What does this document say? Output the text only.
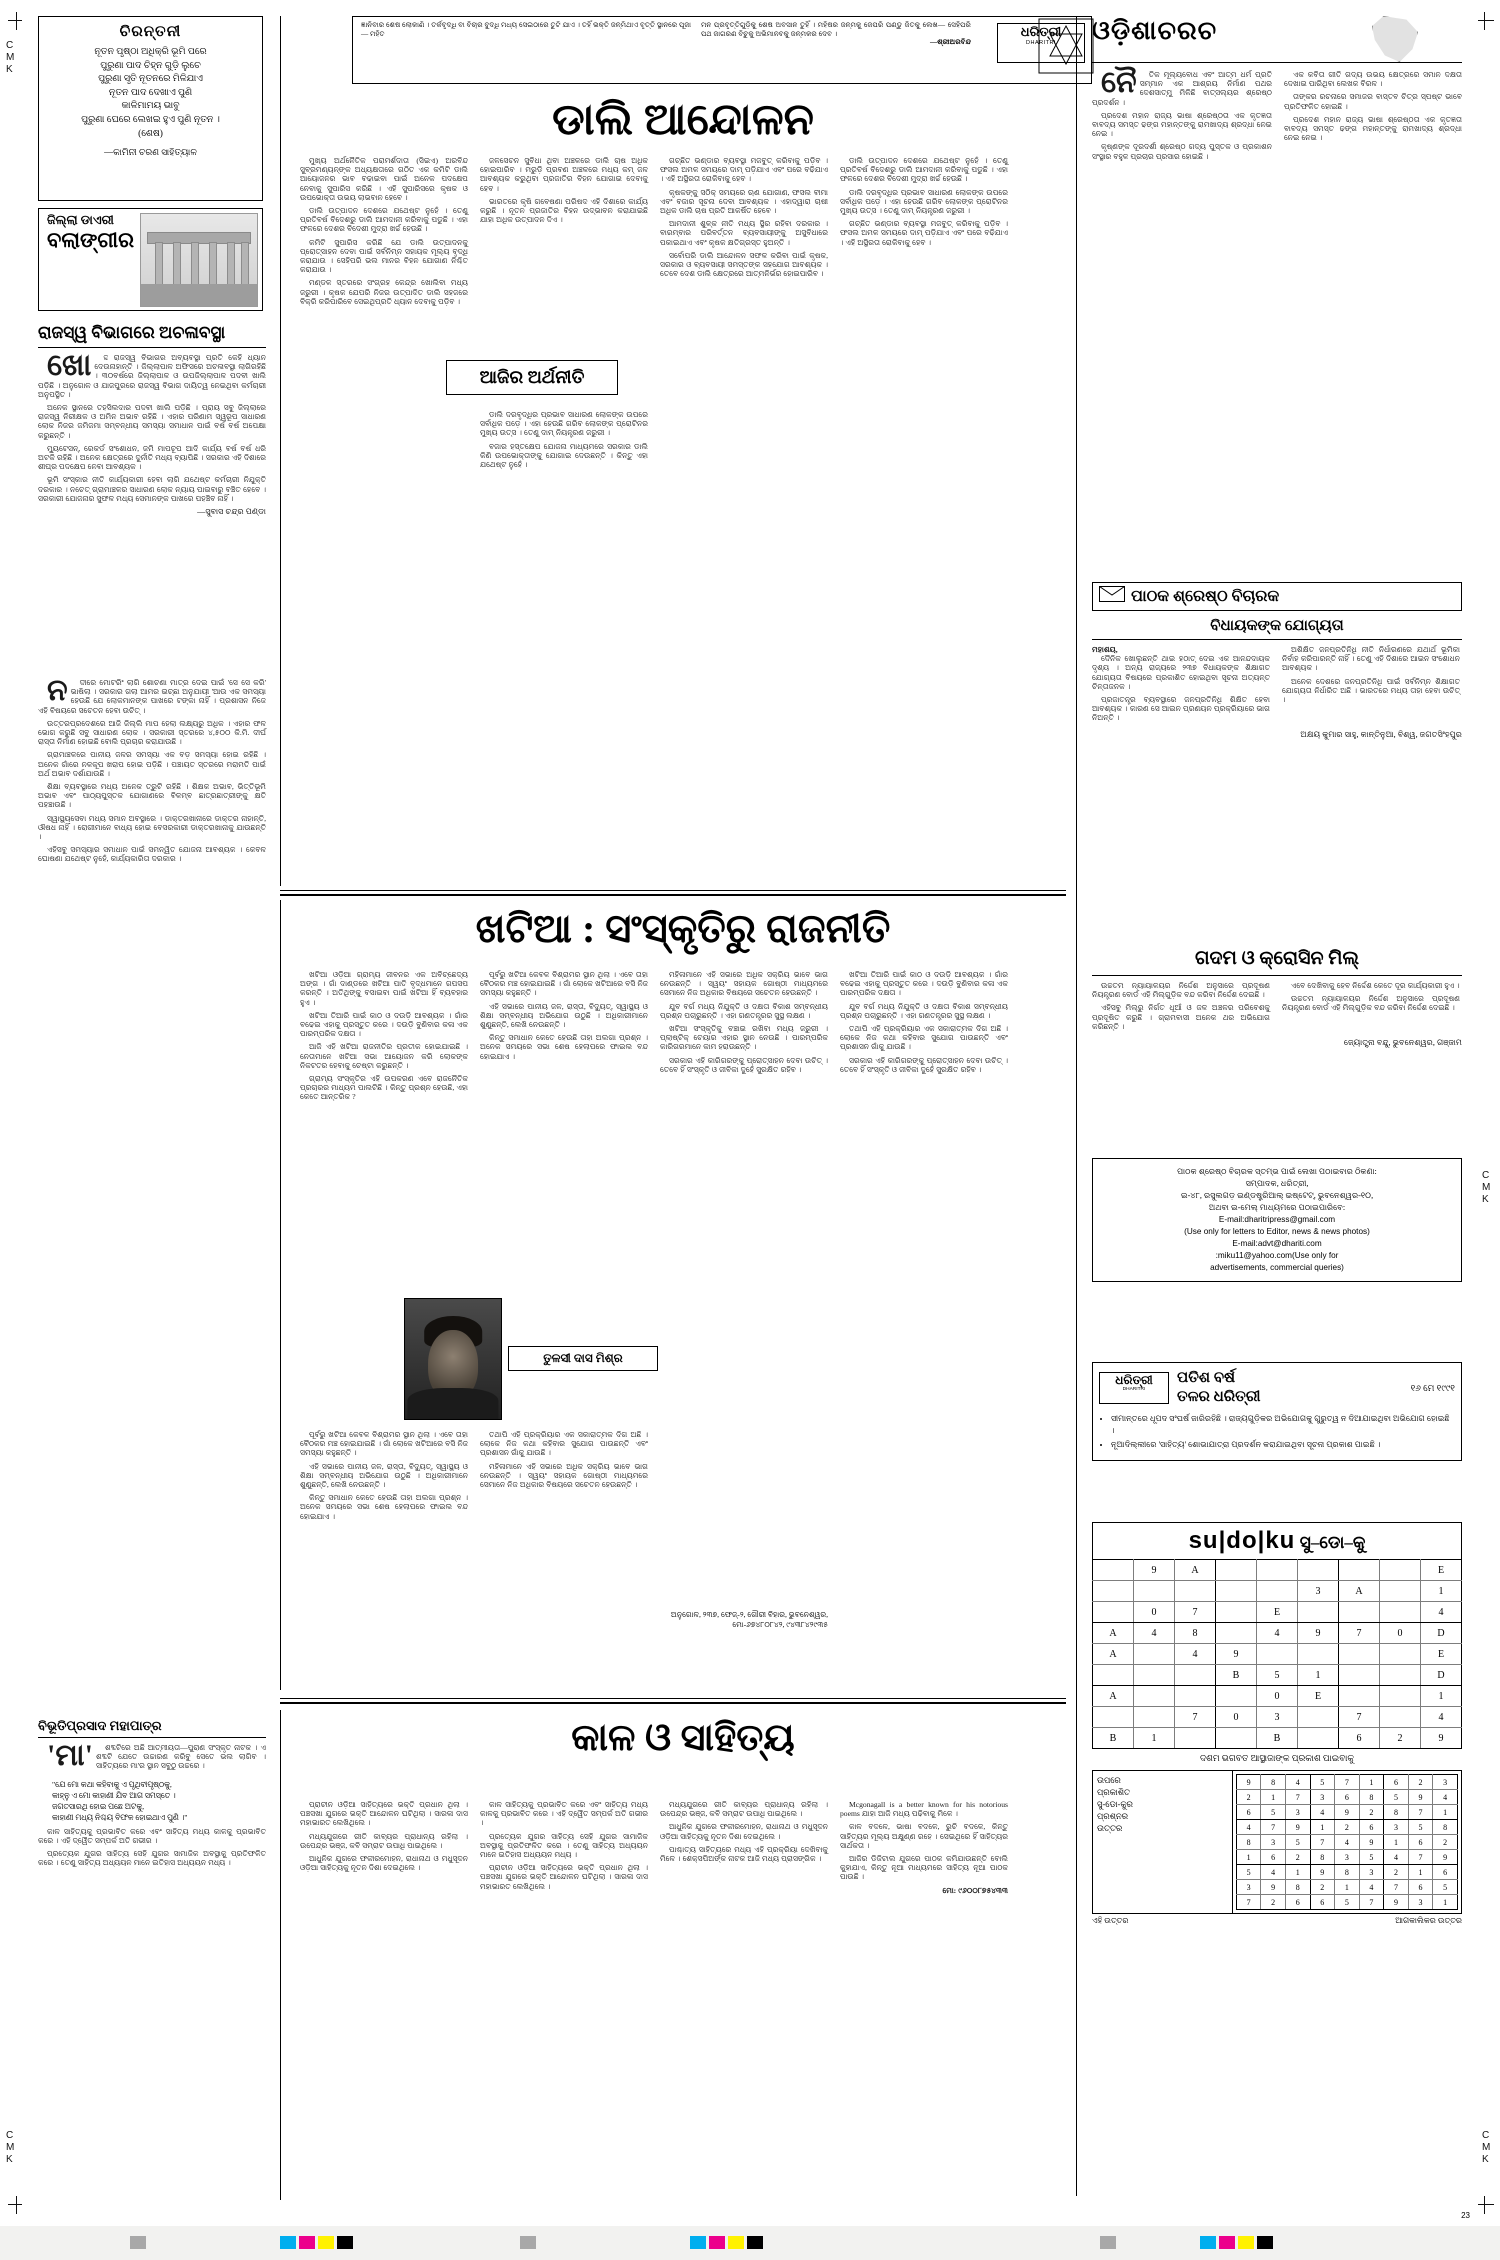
C
M
K
C
M
K
C
M
K
C
M
K
ଜ୍ଞାନିବାର ଶେଷ ଲୋକାଣି । ତର୍କବୃଦ୍ଧି ବା ବିଚାର ବୁଦ୍ଧି ମଧ୍ୟ ସେଇଠାରେ ତୁଟି ଯାଏ । ତହିଁ ଭକ୍ତି ଜନ୍ମିଥାଏ ବୃତ୍ତି ସ୍ଥାନରେ ପୂଜା— ମହିତ
ମନ ପ୍ରବୃତ୍ତିଗୁଡ଼ିକୁ ଶେଷ ଅବସାନ ତୁହିଁ । ମହିଷର ଜନ୍ମକୁ ଜେପରି ପଣ୍ଡୁ ଜିତକୁ ଲେଖ— ସେହିପରି ପଥ ଜାଗରଣ ବିଚୁକୁ ଅଭିମାନବକୁ ଜନ୍ମକର ଦେବ ।
—ଶ୍ରୀଅରବିନ୍ଦ
ଧରିତ୍ରୀ
DHARITRI
ଚିରନ୍ତନୀ
ନୂତନ ପୃଷ୍ଠା ଅଧିକ୍ରି ଭୂମି ପରେ
ପୁରୁଣା ପାଦ ଚିହ୍ନ ଗୁଡ଼ି ଲୁଚେ
ପୁରୁଣା ସୃତି ନୂତନରେ ମିଳିଯାଏ
ନୂତନ ପାଦ ଦେଖାଏ ପୁଣି
କାଳିମାମୟ ଭାବୁ
ପୁରୁଣା ଘେରେ ଲେଖ‌ଇ ହୁଏ ପୁଣି ନୂତନ ।
(ଶେଷ)
—କାମିନୀ ଚରଣ ସାହିତ୍ୟାଳ
ଜିଲ୍ଲା ଡାଏରୀ
ବଲାଙ୍ଗୀର
ରାଜସ୍ୱ ବିଭାଗରେ ଅଚଳାବସ୍ଥା

ଖୋଦ୍ଦ ରାଜସ୍ୱ ବିଭାଗର ଅବ୍ୟବସ୍ଥା ପ୍ରତି କେହି ଧ୍ୟାନ ଦେଉନାହାନ୍ତି । ଜିଲ୍ଲାପାଳ ଅଫିସରେ ଅଚଳାବସ୍ଥା ଲାଗିରହିଛି । ୩୦ବର୍ଷରେ ଜିଲ୍ଲାପାଳ ଓ ଉପଜିଲ୍ଲାପାଳ ପଦବୀ ଖାଲି ପଡ଼ିଛି । ଅନୁଗୋଳ ଓ ଯାଜପୁରରେ ରାଜସ୍ୱ ବିଭାଗ ଦାୟିତ୍ୱ ନେଇଥିବା କର୍ମଚାରୀ ଅନୁପସ୍ଥିତ ।

ଅନେକ ସ୍ଥାନରେ ତହସିଲଦାର ପଦବୀ ଖାଲି ପଡ଼ିଛି । ପ୍ରାୟ ସବୁ ଜିଲ୍ଲାରେ ରାଜସ୍ୱ ନିରୀକ୍ଷକ ଓ ଅମିନ ଅଭାବ ରହିଛି । ଏହାର ପରିଣାମ ସ୍ୱରୂପ ସାଧାରଣ ଲୋକ ନିଜର ଜମିଜମା ସମ୍ବନ୍ଧୀୟ ସମସ୍ୟା ସମାଧାନ ପାଇଁ ବର୍ଷ ବର୍ଷ ଅପେକ୍ଷା କରୁଛନ୍ତି ।

ମ୍ୟୁଟେସନ୍, ରେକର୍ଡ ସଂଶୋଧନ, ଜମି ମାପଚୂପ ଆଦି କାର୍ଯ୍ୟ ବର୍ଷ ବର୍ଷ ଧରି ଅଟକି ରହିଛି । ଅନେକ କ୍ଷେତ୍ରରେ ଦୁର୍ନୀତି ମଧ୍ୟ ବ୍ୟାପିଛି । ସରକାର ଏହି ଦିଶାରେ ଶୀଘ୍ର ପଦକ୍ଷେପ ନେବା ଆବଶ୍ୟକ ।

ଭୂମି ସଂସ୍କାର ନୀତି କାର୍ଯ୍ୟକାରୀ ହେବା ଲାଗି ଯଥେଷ୍ଟ କର୍ମଚାରୀ ନିଯୁକ୍ତି ଦରକାର । ନଚେତ୍ ଗ୍ରାମାଞ୍ଚଳର ସାଧାରଣ ଲୋକ ନ୍ୟାୟ ପାଇବାରୁ ବଞ୍ଚିତ ହେବେ । ସରକାରୀ ଯୋଜନାର ସୁଫଳ ମଧ୍ୟ ସେମାନଙ୍କ ପାଖରେ ପହଞ୍ଚିବ ନାହିଁ ।

—ସୁବାସ ଚନ୍ଦ୍ର ପଣ୍ଡା

ନଦୀରେ ମୋଟରିଂ ଲାଗି ଶୋଚଣା ମାତ୍ର ଦେଇ ପାଇଁ 'ସେ ସେ କରି' ଭାଷିଲା । ସରକାର ଗଲା ଆମର ଇଚ୍ଛା ଅନୁଯାୟୀ 'ଆଉ ଏକ ସମସ୍ୟା ହେଉଛି ଯେ ଲୋକମାନଙ୍କ ପାଖରେ ଟଙ୍କା ନାହିଁ । ପ୍ରଶାସନ ନିଜେ ଏହି ବିଷୟରେ ସଚେତନ ହେବା ଉଚିତ୍ ।

ଉତ୍ତରପ୍ରଦେଶରେ ଆଜି ଜିଲ୍ଲି ମାପ ହେଲା ଲକ୍ଷ୍ୟରୁ ଅଧିକ । ଏହାର ଫଳ ଭୋଗ କରୁଛି ସବୁ ସାଧାରଣ ଲୋକ । ସରକାରୀ ସ୍ତରରେ ୪,୫୦୦ କି.ମି. ଦୀର୍ଘ ରାସ୍ତା ନିର୍ମାଣ ହୋଇଛି ବୋଲି ପ୍ରଚାର କରାଯାଉଛି ।

ଗ୍ରାମାଞ୍ଚଳରେ ପାନୀୟ ଜଳର ସମସ୍ୟା ଏକ ବଡ଼ ସମସ୍ୟା ହୋଇ ରହିଛି । ଅନେକ ଗାଁରେ ନଳକୂପ ଖରାପ ହୋଇ ପଡ଼ିଛି । ପଞ୍ଚାୟତ ସ୍ତରରେ ମରାମତି ପାଇଁ ଅର୍ଥ ଅଭାବ ଦର୍ଶାଯାଉଛି ।

ଶିକ୍ଷା ବ୍ୟବସ୍ଥାରେ ମଧ୍ୟ ଅନେକ ତ୍ରୁଟି ରହିଛି । ଶିକ୍ଷକ ଅଭାବ, ଭିତ୍ତିଭୂମି ଅଭାବ ଏବଂ ପାଠ୍ୟପୁସ୍ତକ ଯୋଗାଣରେ ବିଳମ୍ବ ଛାତ୍ରଛାତ୍ରୀଙ୍କୁ କ୍ଷତି ପହଞ୍ଚାଉଛି ।

ସ୍ୱାସ୍ଥ୍ୟସେବା ମଧ୍ୟ ସମାନ ଅବସ୍ଥାରେ । ଡାକ୍ତରଖାନାରେ ଡାକ୍ତର ନାହାନ୍ତି, ଔଷଧ ନାହିଁ । ରୋଗୀମାନେ ବାଧ୍ୟ ହୋଇ ବେସରକାରୀ ଡାକ୍ତରଖାନାକୁ ଯାଉଛନ୍ତି ।

ଏହିସବୁ ସମସ୍ୟାର ସମାଧାନ ପାଇଁ ସମନ୍ୱିତ ଯୋଜନା ଆବଶ୍ୟକ । କେବଳ ଘୋଷଣା ଯଥେଷ୍ଟ ନୁହେଁ, କାର୍ଯ୍ୟକାରିତା ଦରକାର ।

ବିଭୂତିପ୍ରସାଦ ମହାପାତ୍ର

'ମା'ଶବ୍ଦଟିରେ ଅଛି ଆତ୍ମୀୟତା—ପୁରାଣ ସଂସ୍କୃତ ନାଟକ । ଏ ଶବ୍ଦଟି ଯେତେ ଉଚ୍ଚାରଣ କରିବୁ ସେତେ ଭଲ ଲାଗିବ । ସାହିତ୍ୟରେ ମା'ର ସ୍ଥାନ ସବୁଠୁ ଉଚ୍ଚରେ ।

"ଯେ ମୋ କଥା କହିବାକୁ ଏ ପୃଥିବୀପୃଷ୍ଠକୁ,
କାହ୍ନୁ ଏ ମୋ କାହାଣୀ ଯିବ ଆଗ ସମସ୍ତେ ।
ଜଗତସାରଥି ହୋଇ ପଛେ ଅଟକୁ,
କାହାଣୀ ମଧ୍ୟ ନିଶ୍ଚୟ ବିଫଳ ହୋଇଥାଏ ପୁଣି ।"

କାଳ ସାହିତ୍ୟକୁ ପ୍ରଭାବିତ କରେ ଏବଂ ସାହିତ୍ୟ ମଧ୍ୟ କାଳକୁ ପ୍ରଭାବିତ କରେ । ଏହି ଦ୍ୱୈତ ସମ୍ପର୍କ ଅତି ଗଭୀର ।

ପ୍ରତ୍ୟେକ ଯୁଗର ସାହିତ୍ୟ ସେହି ଯୁଗର ସାମାଜିକ ଅବସ୍ଥାକୁ ପ୍ରତିଫଳିତ କରେ । ତେଣୁ ସାହିତ୍ୟ ଅଧ୍ୟୟନ ମାନେ ଇତିହାସ ଅଧ୍ୟୟନ ମଧ୍ୟ ।

ଡାଲି ଆନ୍ଦୋଳନ
ଆଜିର ଅର୍ଥନୀତି

ମୁଖ୍ୟ ଅର୍ଥନୈତିକ ପରାମର୍ଶଦାତା (ସିଇଏ) ଅରବିନ୍ଦ ସୁବ୍ରମଣ୍ୟନ୍ଙ୍କ ଅଧ୍ୟକ୍ଷତାରେ ଗଠିତ ଏକ କମିଟି ଡାଲି ଆୟୋଜନର ଭାବ ବଢାଇବା ପାଇଁ ଅନେକ ପଦକ୍ଷେପ ନେବାକୁ ସୁପାରିସ କରିଛି । ଏହି ସୁପାରିସରେ କୃଷକ ଓ ଉପଭୋକ୍ତା ଉଭୟ ଲାଭବାନ ହେବେ ।

ଡାଲି ଉତ୍ପାଦନ ଦେଶରେ ଯଥେଷ୍ଟ ନୁହେଁ । ତେଣୁ ପ୍ରତିବର୍ଷ ବିଦେଶରୁ ଡାଲି ଆମଦାନୀ କରିବାକୁ ପଡୁଛି । ଏହା ଫଳରେ ଦେଶର ବିଦେଶୀ ମୁଦ୍ରା ଖର୍ଚ୍ଚ ହେଉଛି ।

କମିଟି ସୁପାରିସ କରିଛି ଯେ ଡାଲି ଉତ୍ପାଦନକୁ ପ୍ରୋତ୍ସାହନ ଦେବା ପାଇଁ ସର୍ବନିମ୍ନ ସହାୟକ ମୂଲ୍ୟ ବୃଦ୍ଧି କରାଯାଉ । ସେହିପରି ଭଲ ମାନର ବିହନ ଯୋଗାଣ ନିଶ୍ଚିତ କରାଯାଉ ।

ମଣ୍ଡଳ ସ୍ତରରେ ସଂଗ୍ରହ କେନ୍ଦ୍ର ଖୋଲିବା ମଧ୍ୟ ଜରୁରୀ । କୃଷକ ଯେପରି ନିଜର ଉତ୍ପାଦିତ ଡାଲି ସହଜରେ ବିକ୍ରି କରିପାରିବେ ସେଇଥିପ୍ରତି ଧ୍ୟାନ ଦେବାକୁ ପଡ଼ିବ ।

ଜଳସେଚନ ସୁବିଧା ଥିବା ଅଞ୍ଚଳରେ ଡାଲି ଚାଷ ଅଧିକ ହୋଇପାରିବ । ମରୁଡ଼ି ପ୍ରବଣ ଅଞ୍ଚଳରେ ମଧ୍ୟ କମ୍ ଜଳ ଆବଶ୍ୟକ କରୁଥିବା ପ୍ରଜାତିର ବିହନ ଯୋଗାଇ ଦେବାକୁ ହେବ ।

ଭାରତରେ କୃଷି ଗବେଷଣା ପରିଷଦ ଏହି ଦିଶାରେ କାର୍ଯ୍ୟ କରୁଛି । ନୂତନ ପ୍ରଜାତିର ବିହନ ଉଦ୍ଭାବନ କରାଯାଇଛି ଯାହା ଅଧିକ ଉତ୍ପାଦନ ଦିଏ ।

ଡାଲି ଦରବୃଦ୍ଧିର ପ୍ରଭାବ ସାଧାରଣ ଲୋକଙ୍କ ଉପରେ ସର୍ବାଧିକ ପଡ଼େ । ଏହା ହେଉଛି ଗରିବ ଲୋକଙ୍କ ପ୍ରୋଟିନର ମୁଖ୍ୟ ଉତ୍ସ । ତେଣୁ ଦାମ୍ ନିୟନ୍ତ୍ରଣ ଜରୁରୀ ।

ବଜାର ହସ୍ତକ୍ଷେପ ଯୋଜନା ମାଧ୍ୟମରେ ସରକାର ଡାଲି କିଣି ଉପଭୋକ୍ତାଙ୍କୁ ଯୋଗାଇ ଦେଉଛନ୍ତି । କିନ୍ତୁ ଏହା ଯଥେଷ୍ଟ ନୁହେଁ ।

ଗଚ୍ଛିତ ଭଣ୍ଡାର ବ୍ୟବସ୍ଥା ମଜବୁତ୍ କରିବାକୁ ପଡ଼ିବ । ଫସଲ ଅମଳ ସମୟରେ ଦାମ୍ ପଡ଼ିଯାଏ ଏବଂ ପରେ ବଢିଯାଏ । ଏହି ଅସ୍ଥିରତା ରୋକିବାକୁ ହେବ ।

କୃଷକଙ୍କୁ ସଠିକ୍ ସମୟରେ ଋଣ ଯୋଗାଣ, ଫସଲ ବୀମା ଏବଂ ବଜାର ସୂଚନା ଦେବା ଆବଶ୍ୟକ । ଏହାଦ୍ୱାରା ଚାଷୀ ଅଧିକ ଡାଲି ଚାଷ ପ୍ରତି ଆକର୍ଷିତ ହେବେ ।

ଆମଦାନୀ ଶୁଳ୍କ ନୀତି ମଧ୍ୟ ସ୍ଥିର ରହିବା ଦରକାର । ବାରମ୍ବାର ପରିବର୍ତ୍ତନ ବ୍ୟବସାୟୀଙ୍କୁ ଅସୁବିଧାରେ ପକାଇଥାଏ ଏବଂ କୃଷକ କ୍ଷତିଗ୍ରସ୍ତ ହୁଅନ୍ତି ।

ସର୍ବୋପରି ଡାଲି ଆନ୍ଦୋଳନ ସଫଳ କରିବା ପାଇଁ କୃଷକ, ସରକାର ଓ ବ୍ୟବସାୟୀ ସମସ୍ତଙ୍କ ସହଯୋଗ ଆବଶ୍ୟକ । ତେବେ ଦେଶ ଡାଲି କ୍ଷେତ୍ରରେ ଆତ୍ମନିର୍ଭର ହୋଇପାରିବ ।

ଡାଲି ଉତ୍ପାଦନ ଦେଶରେ ଯଥେଷ୍ଟ ନୁହେଁ । ତେଣୁ ପ୍ରତିବର୍ଷ ବିଦେଶରୁ ଡାଲି ଆମଦାନୀ କରିବାକୁ ପଡୁଛି । ଏହା ଫଳରେ ଦେଶର ବିଦେଶୀ ମୁଦ୍ରା ଖର୍ଚ୍ଚ ହେଉଛି ।

ଡାଲି ଦରବୃଦ୍ଧିର ପ୍ରଭାବ ସାଧାରଣ ଲୋକଙ୍କ ଉପରେ ସର୍ବାଧିକ ପଡ଼େ । ଏହା ହେଉଛି ଗରିବ ଲୋକଙ୍କ ପ୍ରୋଟିନର ମୁଖ୍ୟ ଉତ୍ସ । ତେଣୁ ଦାମ୍ ନିୟନ୍ତ୍ରଣ ଜରୁରୀ ।

ଗଚ୍ଛିତ ଭଣ୍ଡାର ବ୍ୟବସ୍ଥା ମଜବୁତ୍ କରିବାକୁ ପଡ଼ିବ । ଫସଲ ଅମଳ ସମୟରେ ଦାମ୍ ପଡ଼ିଯାଏ ଏବଂ ପରେ ବଢିଯାଏ । ଏହି ଅସ୍ଥିରତା ରୋକିବାକୁ ହେବ ।

ଖଟିଆ : ସଂସ୍କୃତିରୁ ରାଜନୀତି
ତୁଳସୀ ଦାସ ମିଶ୍ର

ଖଟିଆ ଓଡ଼ିଆ ଗ୍ରାମ୍ୟ ଜୀବନର ଏକ ଅବିଚ୍ଛେଦ୍ୟ ଅଙ୍ଗ । ଗାଁ ଦାଣ୍ଡରେ ଖଟିଆ ପାତି ବୃଦ୍ଧମାନେ ଗପସପ କରନ୍ତି । ଅତିଥିଙ୍କୁ ବସାଇବା ପାଇଁ ଖଟିଆ ହିଁ ବ୍ୟବହାର ହୁଏ ।

ଖଟିଆ ତିଆରି ପାଇଁ କାଠ ଓ ଦଉଡ଼ି ଆବଶ୍ୟକ । ଗାଁର ବଢେଇ ଏହାକୁ ପ୍ରସ୍ତୁତ କରେ । ଦଉଡ଼ି ବୁଣିବାର କଳା ଏକ ପାରମ୍ପରିକ ଦକ୍ଷତା ।

ଆଜି ଏହି ଖଟିଆ ରାଜନୀତିର ପ୍ରତୀକ ହୋଇଯାଇଛି । ନେତାମାନେ ଖଟିଆ ସଭା ଆୟୋଜନ କରି ଲୋକଙ୍କ ନିକଟତର ହେବାକୁ ଚେଷ୍ଟା କରୁଛନ୍ତି ।

ଗ୍ରାମ୍ୟ ସଂସ୍କୃତିର ଏହି ଉପକରଣ ଏବେ ରାଜନୈତିକ ପ୍ରଚାରର ମାଧ୍ୟମ ପାଲଟିଛି । କିନ୍ତୁ ପ୍ରଶ୍ନ ହେଉଛି, ଏହା କେତେ ଆନ୍ତରିକ ?

ପୂର୍ବରୁ ଖଟିଆ କେବଳ ବିଶ୍ରାମର ସ୍ଥାନ ଥିଲା । ଏବେ ତାହା ବୈଠକର ମଞ୍ଚ ହୋଇଯାଇଛି । ଗାଁ ଲୋକେ ଖଟିଆରେ ବସି ନିଜ ସମସ୍ୟା କହୁଛନ୍ତି ।

ଏହି ସଭାରେ ପାନୀୟ ଜଳ, ରାସ୍ତା, ବିଦ୍ୟୁତ୍, ସ୍ୱାସ୍ଥ୍ୟ ଓ ଶିକ୍ଷା ସମ୍ବନ୍ଧୀୟ ଅଭିଯୋଗ ଉଠୁଛି । ଅଧିକାରୀମାନେ ଶୁଣୁଛନ୍ତି, ଲେଖି ନେଉଛନ୍ତି ।

କିନ୍ତୁ ସମାଧାନ କେତେ ହେଉଛି ତାହା ଅଲଗା ପ୍ରଶ୍ନ । ଅନେକ ସମୟରେ ସଭା ଶେଷ ହେଲାପରେ ଫାଇଲ ବନ୍ଦ ହୋଇଯାଏ ।

ପୂର୍ବରୁ ଖଟିଆ କେବଳ ବିଶ୍ରାମର ସ୍ଥାନ ଥିଲା । ଏବେ ତାହା ବୈଠକର ମଞ୍ଚ ହୋଇଯାଇଛି । ଗାଁ ଲୋକେ ଖଟିଆରେ ବସି ନିଜ ସମସ୍ୟା କହୁଛନ୍ତି ।

ଏହି ସଭାରେ ପାନୀୟ ଜଳ, ରାସ୍ତା, ବିଦ୍ୟୁତ୍, ସ୍ୱାସ୍ଥ୍ୟ ଓ ଶିକ୍ଷା ସମ୍ବନ୍ଧୀୟ ଅଭିଯୋଗ ଉଠୁଛି । ଅଧିକାରୀମାନେ ଶୁଣୁଛନ୍ତି, ଲେଖି ନେଉଛନ୍ତି ।

କିନ୍ତୁ ସମାଧାନ କେତେ ହେଉଛି ତାହା ଅଲଗା ପ୍ରଶ୍ନ । ଅନେକ ସମୟରେ ସଭା ଶେଷ ହେଲାପରେ ଫାଇଲ ବନ୍ଦ ହୋଇଯାଏ ।

ତଥାପି ଏହି ପ୍ରକ୍ରିୟାର ଏକ ସକାରାତ୍ମକ ଦିଗ ଅଛି । ଲୋକେ ନିଜ କଥା କହିବାର ସୁଯୋଗ ପାଉଛନ୍ତି ଏବଂ ପ୍ରଶାସନ ଗାଁକୁ ଯାଉଛି ।

ମହିଳାମାନେ ଏହି ସଭାରେ ଅଧିକ ସକ୍ରିୟ ଭାବେ ଭାଗ ନେଉଛନ୍ତି । ସ୍ୱୟଂ ସହାୟକ ଗୋଷ୍ଠୀ ମାଧ୍ୟମରେ ସେମାନେ ନିଜ ଅଧିକାର ବିଷୟରେ ସଚେତନ ହେଉଛନ୍ତି ।

ମହିଳାମାନେ ଏହି ସଭାରେ ଅଧିକ ସକ୍ରିୟ ଭାବେ ଭାଗ ନେଉଛନ୍ତି । ସ୍ୱୟଂ ସହାୟକ ଗୋଷ୍ଠୀ ମାଧ୍ୟମରେ ସେମାନେ ନିଜ ଅଧିକାର ବିଷୟରେ ସଚେତନ ହେଉଛନ୍ତି ।

ଯୁବ ବର୍ଗ ମଧ୍ୟ ନିଯୁକ୍ତି ଓ ଦକ୍ଷତା ବିକାଶ ସମ୍ବନ୍ଧୀୟ ପ୍ରଶ୍ନ ପଚାରୁଛନ୍ତି । ଏହା ଗଣତନ୍ତ୍ରର ସୁସ୍ଥ ଲକ୍ଷଣ ।

ଖଟିଆ ସଂସ୍କୃତିକୁ ବଞ୍ଚାଇ ରଖିବା ମଧ୍ୟ ଜରୁରୀ । ପ୍ଲାଷ୍ଟିକ୍ ଚେୟାର ଏହାର ସ୍ଥାନ ନେଉଛି । ପାରମ୍ପରିକ କାରିଗରମାନେ କାମ ହରାଉଛନ୍ତି ।

ସରକାର ଏହି କାରିଗରଙ୍କୁ ପ୍ରୋତ୍ସାହନ ଦେବା ଉଚିତ୍ । ତେବେ ହିଁ ସଂସ୍କୃତି ଓ ଜୀବିକା ଦୁହେଁ ସୁରକ୍ଷିତ ରହିବ ।

ଅନୁଗୋଳ, ୨୩୭, ଫେଜ୍-୨, ଗୌରୀ ବିହାର, ଭୁବନେଶ୍ୱର,
ମୋ-୬୭୪୮୦୮୪୨, ୯୪୩୮୪୨୯୩୫

ଖଟିଆ ତିଆରି ପାଇଁ କାଠ ଓ ଦଉଡ଼ି ଆବଶ୍ୟକ । ଗାଁର ବଢେଇ ଏହାକୁ ପ୍ରସ୍ତୁତ କରେ । ଦଉଡ଼ି ବୁଣିବାର କଳା ଏକ ପାରମ୍ପରିକ ଦକ୍ଷତା ।

ଯୁବ ବର୍ଗ ମଧ୍ୟ ନିଯୁକ୍ତି ଓ ଦକ୍ଷତା ବିକାଶ ସମ୍ବନ୍ଧୀୟ ପ୍ରଶ୍ନ ପଚାରୁଛନ୍ତି । ଏହା ଗଣତନ୍ତ୍ରର ସୁସ୍ଥ ଲକ୍ଷଣ ।

ତଥାପି ଏହି ପ୍ରକ୍ରିୟାର ଏକ ସକାରାତ୍ମକ ଦିଗ ଅଛି । ଲୋକେ ନିଜ କଥା କହିବାର ସୁଯୋଗ ପାଉଛନ୍ତି ଏବଂ ପ୍ରଶାସନ ଗାଁକୁ ଯାଉଛି ।

ସରକାର ଏହି କାରିଗରଙ୍କୁ ପ୍ରୋତ୍ସାହନ ଦେବା ଉଚିତ୍ । ତେବେ ହିଁ ସଂସ୍କୃତି ଓ ଜୀବିକା ଦୁହେଁ ସୁରକ୍ଷିତ ରହିବ ।

କାଳ ଓ ସାହିତ୍ୟ

ପ୍ରାଚୀନ ଓଡ଼ିଆ ସାହିତ୍ୟରେ ଭକ୍ତି ପ୍ରଧାନ ଥିଲା । ପଞ୍ଚସଖା ଯୁଗରେ ଭକ୍ତି ଆନ୍ଦୋଳନ ଘଟିଥିଲା । ସାରଳା ଦାସ ମହାଭାରତ ଲେଖିଥିଲେ ।

ମଧ୍ୟଯୁଗରେ ରୀତି କାବ୍ୟର ପ୍ରାଧାନ୍ୟ ରହିଲା । ଉପେନ୍ଦ୍ର ଭଞ୍ଜ, କବି ସମ୍ରାଟ ଉପାଧି ପାଇଥିଲେ ।

ଆଧୁନିକ ଯୁଗରେ ଫକୀରମୋହନ, ରାଧାନାଥ ଓ ମଧୁସୂଦନ ଓଡ଼ିଆ ସାହିତ୍ୟକୁ ନୂତନ ଦିଶା ଦେଇଥିଲେ ।

କାଳ ସାହିତ୍ୟକୁ ପ୍ରଭାବିତ କରେ ଏବଂ ସାହିତ୍ୟ ମଧ୍ୟ କାଳକୁ ପ୍ରଭାବିତ କରେ । ଏହି ଦ୍ୱୈତ ସମ୍ପର୍କ ଅତି ଗଭୀର ।

ପ୍ରତ୍ୟେକ ଯୁଗର ସାହିତ୍ୟ ସେହି ଯୁଗର ସାମାଜିକ ଅବସ୍ଥାକୁ ପ୍ରତିଫଳିତ କରେ । ତେଣୁ ସାହିତ୍ୟ ଅଧ୍ୟୟନ ମାନେ ଇତିହାସ ଅଧ୍ୟୟନ ମଧ୍ୟ ।

ପ୍ରାଚୀନ ଓଡ଼ିଆ ସାହିତ୍ୟରେ ଭକ୍ତି ପ୍ରଧାନ ଥିଲା । ପଞ୍ଚସଖା ଯୁଗରେ ଭକ୍ତି ଆନ୍ଦୋଳନ ଘଟିଥିଲା । ସାରଳା ଦାସ ମହାଭାରତ ଲେଖିଥିଲେ ।

ମଧ୍ୟଯୁଗରେ ରୀତି କାବ୍ୟର ପ୍ରାଧାନ୍ୟ ରହିଲା । ଉପେନ୍ଦ୍ର ଭଞ୍ଜ, କବି ସମ୍ରାଟ ଉପାଧି ପାଇଥିଲେ ।

ଆଧୁନିକ ଯୁଗରେ ଫକୀରମୋହନ, ରାଧାନାଥ ଓ ମଧୁସୂଦନ ଓଡ଼ିଆ ସାହିତ୍ୟକୁ ନୂତନ ଦିଶା ଦେଇଥିଲେ ।

ପାଶ୍ଚାତ୍ୟ ସାହିତ୍ୟରେ ମଧ୍ୟ ଏହି ପ୍ରକ୍ରିୟା ଦେଖିବାକୁ ମିଳେ । ଶେକ୍ସପିଅର୍ଙ୍କ ନାଟକ ଆଜି ମଧ୍ୟ ପ୍ରାସଙ୍ଗିକ ।

Mcgonagall is a better known for his notorious poems ଯାହା ଆଜି ମଧ୍ୟ ପଢିବାକୁ ମିଳେ ।

କାଳ ବଦଳେ, ଭାଷା ବଦଳେ, ରୁଚି ବଦଳେ, କିନ୍ତୁ ସାହିତ୍ୟର ମୂଲ୍ୟ ଅକ୍ଷୁଣ୍ଣ ରହେ । ସେଇଥିରେ ହିଁ ସାହିତ୍ୟର ସାର୍ଥକତା ।

ଆଜିର ଡିଜିଟାଲ ଯୁଗରେ ପାଠକ କମିଯାଉଛନ୍ତି ବୋଲି କୁହାଯାଏ, କିନ୍ତୁ ନୂଆ ମାଧ୍ୟମରେ ସାହିତ୍ୟ ନୂଆ ପାଠକ ପାଉଛି ।

ମୋ: ୯୬୦୦୮୭୫୪୩୩
ଓଡ଼ିଶାଚରଚ

ନୈତିକ ମୂଲ୍ୟବୋଧ ଏବଂ ଆତ୍ମ ଧର୍ମ ପ୍ରତି ସମ୍ମାନ ଏକ ଆଶ୍ରୟ ନିର୍ମାଣ ପଥର ଦେଶସାତ୍ମୁ ମିଳିଛି ବାତ୍ସଲ୍ୟର ଶ୍ରେଷ୍ଠ ପ୍ରଦର୍ଶନ ।

ପ୍ରଦେଶ ମହାନ ରାଜ୍ୟ ଭାଷା ଶ୍ରେଷ୍ଠତା ଏକ କୃତଜ୍ଞତା ବାବଦ୍ୟ ସମସ୍ତ ଢଙ୍ଗ ମହାନ୍ତଙ୍କୁ ରାମଖାଦ୍ୟ ଶ୍ରଦ୍ଧା ନେଇ ନେଇ ।

କୃଷ୍ଣଙ୍କ ଦୂରଦର୍ଶୀ ଶ୍ରେଷ୍ଠ ଗଦ୍ୟ ପୁସ୍ତକ ଓ ପ୍ରକାଶନ ସଂସ୍ଥାର ବହୁଳ ପ୍ରଚାର ପ୍ରସାର ହୋଇଛି ।

ଏକ କବିତା ଗୀତି ଗଦ୍ୟ ଉଭୟ କ୍ଷେତ୍ରରେ ସମାନ ଦକ୍ଷତା ଦେଖାଇ ପାରିଥିବା ଲେଖକ ବିରଳ ।

ତାଙ୍କର ରଚନାରେ ସମାଜର ବାସ୍ତବ ଚିତ୍ର ସ୍ପଷ୍ଟ ଭାବେ ପ୍ରତିଫଳିତ ହୋଇଛି ।

ପ୍ରଦେଶ ମହାନ ରାଜ୍ୟ ଭାଷା ଶ୍ରେଷ୍ଠତା ଏକ କୃତଜ୍ଞତା ବାବଦ୍ୟ ସମସ୍ତ ଢଙ୍ଗ ମହାନ୍ତଙ୍କୁ ରାମଖାଦ୍ୟ ଶ୍ରଦ୍ଧା ନେଇ ନେଇ ।

ପାଠକ ଶ୍ରେଷ୍ଠ ବିଚାରକ
ବିଧାୟକଙ୍କ ଯୋଗ୍ୟତା
ମହାଶୟ,

ଦୈନିକ ଖୋଲୁଛନ୍ତି ଥାଇ ହଠାତ୍ ଦେଇ ଏକ ଆନନ୍ଦଦାୟକ ଦୃଶ୍ୟ । ଅନ୍ୟ ରାଜ୍ୟରେ ୨୩୭ ବିଧାୟକଙ୍କ ଶିକ୍ଷାଗତ ଯୋଗ୍ୟତା ବିଷୟରେ ପ୍ରକାଶିତ ହୋଇଥିବା ସୂଚନା ଅତ୍ୟନ୍ତ ଚିନ୍ତାଜନକ ।

ପ୍ରଜାତନ୍ତ୍ର ବ୍ୟବସ୍ଥାରେ ଜନପ୍ରତିନିଧି ଶିକ୍ଷିତ ହେବା ଆବଶ୍ୟକ । କାରଣ ସେ ଆଇନ ପ୍ରଣୟନ ପ୍ରକ୍ରିୟାରେ ଭାଗ ନିଅନ୍ତି ।

ଅଶିକ୍ଷିତ ଜନପ୍ରତିନିଧି ନୀତି ନିର୍ଧାରଣରେ ଯଥାର୍ଥ ଭୂମିକା ନିର୍ବାହ କରିପାରନ୍ତି ନାହିଁ । ତେଣୁ ଏହି ଦିଶାରେ ଆଇନ ସଂଶୋଧନ ଆବଶ୍ୟକ ।

ଅନେକ ଦେଶରେ ଜନପ୍ରତିନିଧି ପାଇଁ ସର୍ବନିମ୍ନ ଶିକ୍ଷାଗତ ଯୋଗ୍ୟତା ନିର୍ଧାରିତ ଅଛି । ଭାରତରେ ମଧ୍ୟ ତାହା ହେବା ଉଚିତ୍ ।

ଅକ୍ଷୟ କୁମାର ସାହୁ, କାନ୍ତିନୁଆ, ବିଶ୍ୱ, ଜଗତସିଂହପୁର
ଗଦମ ଓ କ୍ରୋସିନ ମିଲ୍

ଉଚ୍ଚତମ ନ୍ୟାୟାଳୟର ନିର୍ଦ୍ଦେଶ ଅନୁସାରେ ପ୍ରଦୂଷଣ ନିୟନ୍ତ୍ରଣ ବୋର୍ଡ ଏହି ମିଲ୍‌ଗୁଡ଼ିକ ବନ୍ଦ କରିବା ନିର୍ଦ୍ଦେଶ ଦେଇଛି ।

ଏହିସବୁ ମିଲ୍‌ରୁ ନିର୍ଗତ ଧୂଆଁ ଓ ଜଳ ଅଞ୍ଚଳର ପରିବେଶକୁ ପ୍ରଦୂଷିତ କରୁଛି । ଗ୍ରାମବାସୀ ଅନେକ ଥର ଅଭିଯୋଗ କରିଛନ୍ତି ।

ଏବେ ଦେଖିବାକୁ ହେବ ନିର୍ଦ୍ଦେଶ କେତେ ଦୂର କାର୍ଯ୍ୟକାରୀ ହୁଏ ।

ଉଚ୍ଚତମ ନ୍ୟାୟାଳୟର ନିର୍ଦ୍ଦେଶ ଅନୁସାରେ ପ୍ରଦୂଷଣ ନିୟନ୍ତ୍ରଣ ବୋର୍ଡ ଏହି ମିଲ୍‌ଗୁଡ଼ିକ ବନ୍ଦ କରିବା ନିର୍ଦ୍ଦେଶ ଦେଇଛି ।

ଜ୍ୟୋତ୍ସ୍ନା ବନ୍ଦୁ, ଭୁବନେଶ୍ୱର, ଗଞ୍ଜାମ
ପାଠକ ଶ୍ରେଷ୍ଠ ବିଚାରକ ସ୍ତମ୍ଭ ପାଇଁ ଲେଖା ପଠାଇବାର ଠିକଣା:
ସମ୍ପାଦକ, ଧରିତ୍ରୀ,
ଇ-୪୮, ରସୁଲଗଡ଼ ଇଣ୍ଡଷ୍ଟ୍ରିଆଲ୍ ଇଷ୍ଟେଟ୍, ଭୁବନେଶ୍ୱର-୧୦,
ଅଥବା ଇ-ମେଲ୍ ମାଧ୍ୟମରେ ପଠାଇପାରିବେ:
E-mail:dharitripress@gmail.com
(Use only for letters to Editor, news & news photos)
E-mail:advt@dhariti.com
:miku11@yahoo.com(Use only for
advertisements, commercial queries)
ଧରିତ୍ରୀ
DHARITRI
ପତିଶ ବର୍ଷ
ତଳର ଧରିତ୍ରୀ
୧୬ ମେ ୧୯୯୧
• ସୀମାନ୍ତରେ ଧୂପଦ ସଂଘର୍ଷ ଜାରିରହିଛି । ରାଜ୍ୟଗୁଡ଼ିକର ଅଭିଯୋଗକୁ ଗୁରୁତ୍ୱ ନ ଦିଆଯାଇଥିବା ଅଭିଯୋଗ ହୋଇଛି ।
• ନୂଆଦିଲ୍ଲୀରେ 'ସାହିତ୍ୟ' ଶୋଭାଯାତ୍ରା ପ୍ରଦର୍ଶନ କରାଯାଇଥିବା ସୂଚନା ପ୍ରକାଶ ପାଇଛି ।
su|do|ku ସୁ–ଡୋ–କୁ
	9	A						E
					3	A		1
	0	7		E				4
A	4	8		4	9	7	0	D
A		4	9					E
			B	5	1			D
A				0	E			1
		7	0	3		7		4
B	1			B		6	2	9
ଦଶମ ଭଗବତ ଆସ୍ଥାଜାଙ୍କ ପ୍ରକାଶ ପାଇବାକୁ
ଉପରେ
ପ୍ରକାଶିତ
ସୁ-ଡୋ-କୁର
ପ୍ରଶ୍ନର
ଉତ୍ତର
9	8	4	5	7	1	6	2	3
2	1	7	3	6	8	5	9	4
6	5	3	4	9	2	8	7	1
4	7	9	1	2	6	3	5	8
8	3	5	7	4	9	1	6	2
1	6	2	8	3	5	4	7	9
5	4	1	9	8	3	2	1	6
3	9	8	2	1	4	7	6	5
7	2	6	6	5	7	9	3	1
ଏହି ଉତ୍ତର	ଆଗକାଲିକର ଉତ୍ତର
23
